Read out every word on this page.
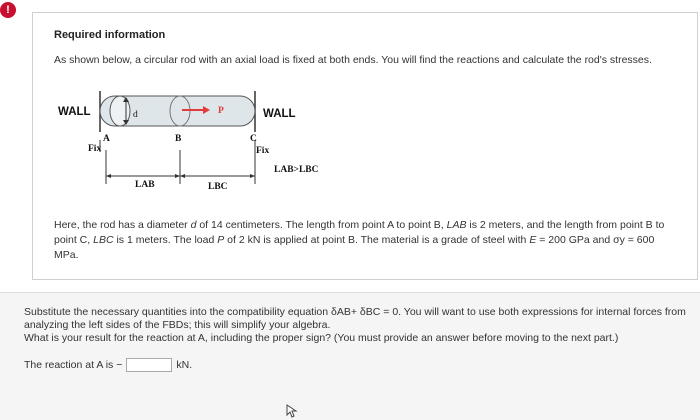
!
Required information
As shown below, a circular rod with an axial load is fixed at both ends. You will find the reactions and calculate the rod's stresses.
WALL	WALL
d	P
A	B	C
Fix	Fix
LAB>LBC
LAB	LBC
Here, the rod has a diameter d of 14 centimeters. The length from point A to point B, LAB is 2 meters, and the length from point B to point C, LBC is 1 meters. The load P of 2 kN is applied at point B. The material is a grade of steel with E = 200 GPa and σy = 600 MPa.
Substitute the necessary quantities into the compatibility equation δAB+ δBC = 0. You will want to use both expressions for internal forces from analyzing the left sides of the FBDs; this will simplify your algebra.
What is your result for the reaction at A, including the proper sign? (You must provide an answer before moving to the next part.)
The reaction at A is −	kN.
